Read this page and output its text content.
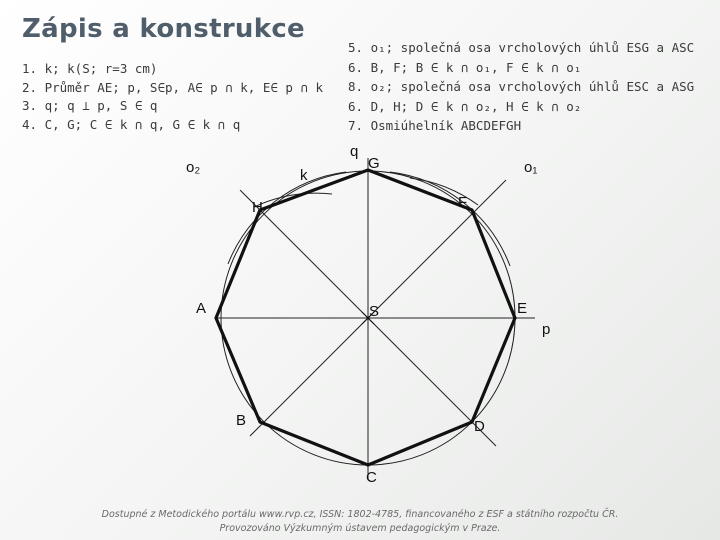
Zápis a konstrukce
1. k; k(S; r=3 cm)
2. Průměr AE; p, S∈p, A∈ p ∩ k, E∈ p ∩ k
3. q; q ⊥ p, S ∈ q
4. C, G; C ∈ k ∩ q, G ∈ k ∩ q
5. o₁; společná osa vrcholových úhlů ESG a ASC
6. B, F; B ∈ k ∩ o₁, F ∈ k ∩ o₁
8. o₂; společná osa vrcholových úhlů ESC a ASG
6. D, H; D ∈ k ∩ o₂, H ∈ k ∩ o₂
7. Osmiúhelník ABCDEFGH
A
B
C
D
E
F
G
H
S
k
p
q
o₁
o₂
Dostupné z Metodického portálu www.rvp.cz, ISSN: 1802-4785, financovaného z ESF a státního rozpočtu ČR.
Provozováno Výzkumným ústavem pedagogickým v Praze.
